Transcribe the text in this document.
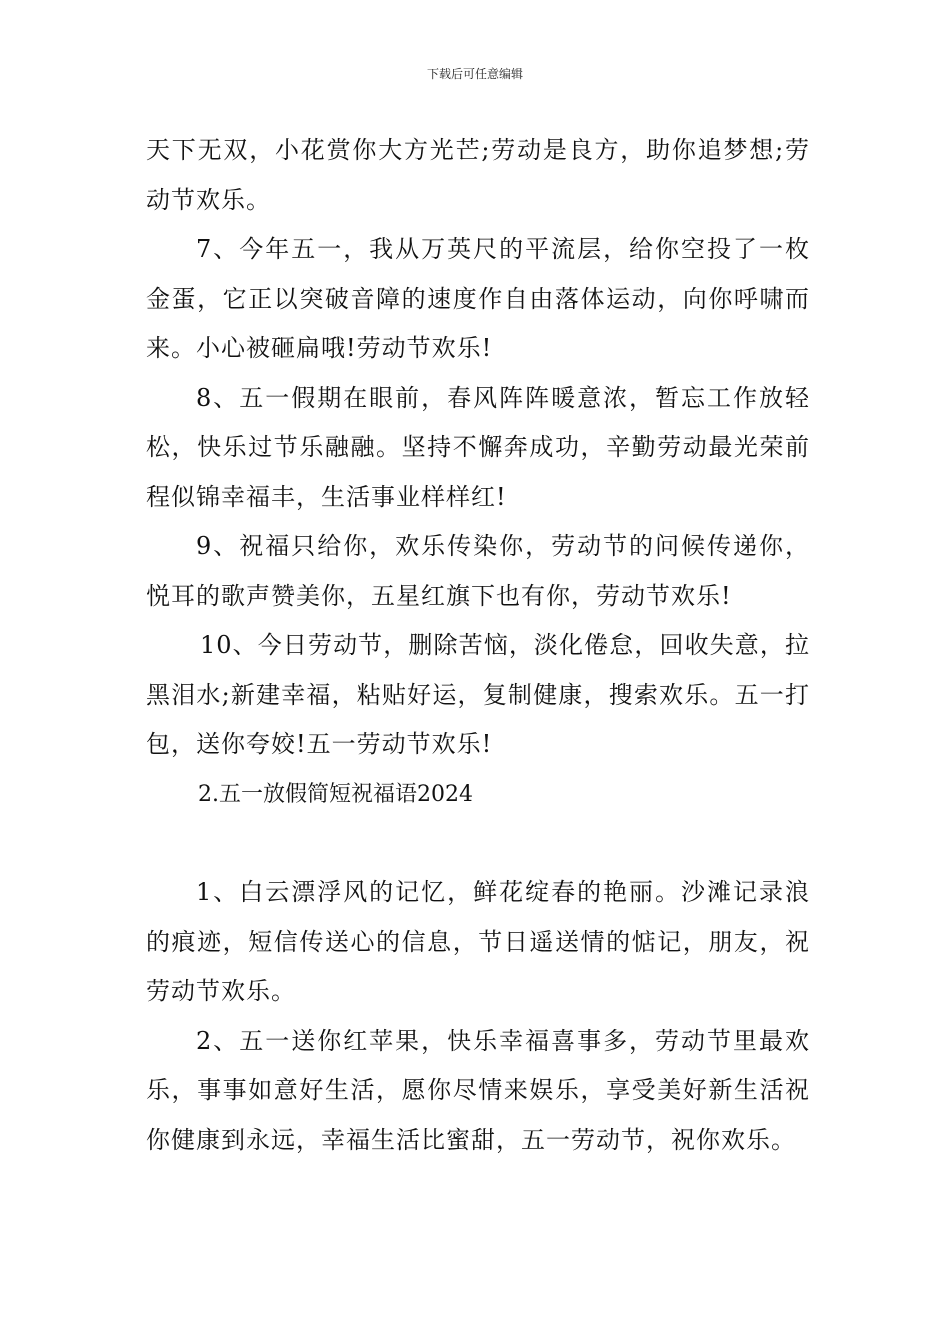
下载后可任意编辑

天下无双，小花赏你大方光芒;劳动是良方，助你追梦想;劳动节欢乐。

7、今年五一，我从万英尺的平流层，给你空投了一枚金蛋，它正以突破音障的速度作自由落体运动，向你呼啸而来。小心被砸扁哦!劳动节欢乐!

8、五一假期在眼前，春风阵阵暖意浓，暂忘工作放轻松，快乐过节乐融融。坚持不懈奔成功，辛勤劳动最光荣前程似锦幸福丰，生活事业样样红!

9、祝福只给你，欢乐传染你，劳动节的问候传递你，悦耳的歌声赞美你，五星红旗下也有你，劳动节欢乐!

10、今日劳动节，删除苦恼，淡化倦怠，回收失意，拉黑泪水;新建幸福，粘贴好运，复制健康，搜索欢乐。五一打包，送你夸姣!五一劳动节欢乐!

2.五一放假简短祝福语2024

1、白云漂浮风的记忆，鲜花绽春的艳丽。沙滩记录浪的痕迹，短信传送心的信息，节日遥送情的惦记，朋友，祝劳动节欢乐。

2、五一送你红苹果，快乐幸福喜事多，劳动节里最欢乐，事事如意好生活，愿你尽情来娱乐，享受美好新生活祝你健康到永远，幸福生活比蜜甜，五一劳动节，祝你欢乐。
